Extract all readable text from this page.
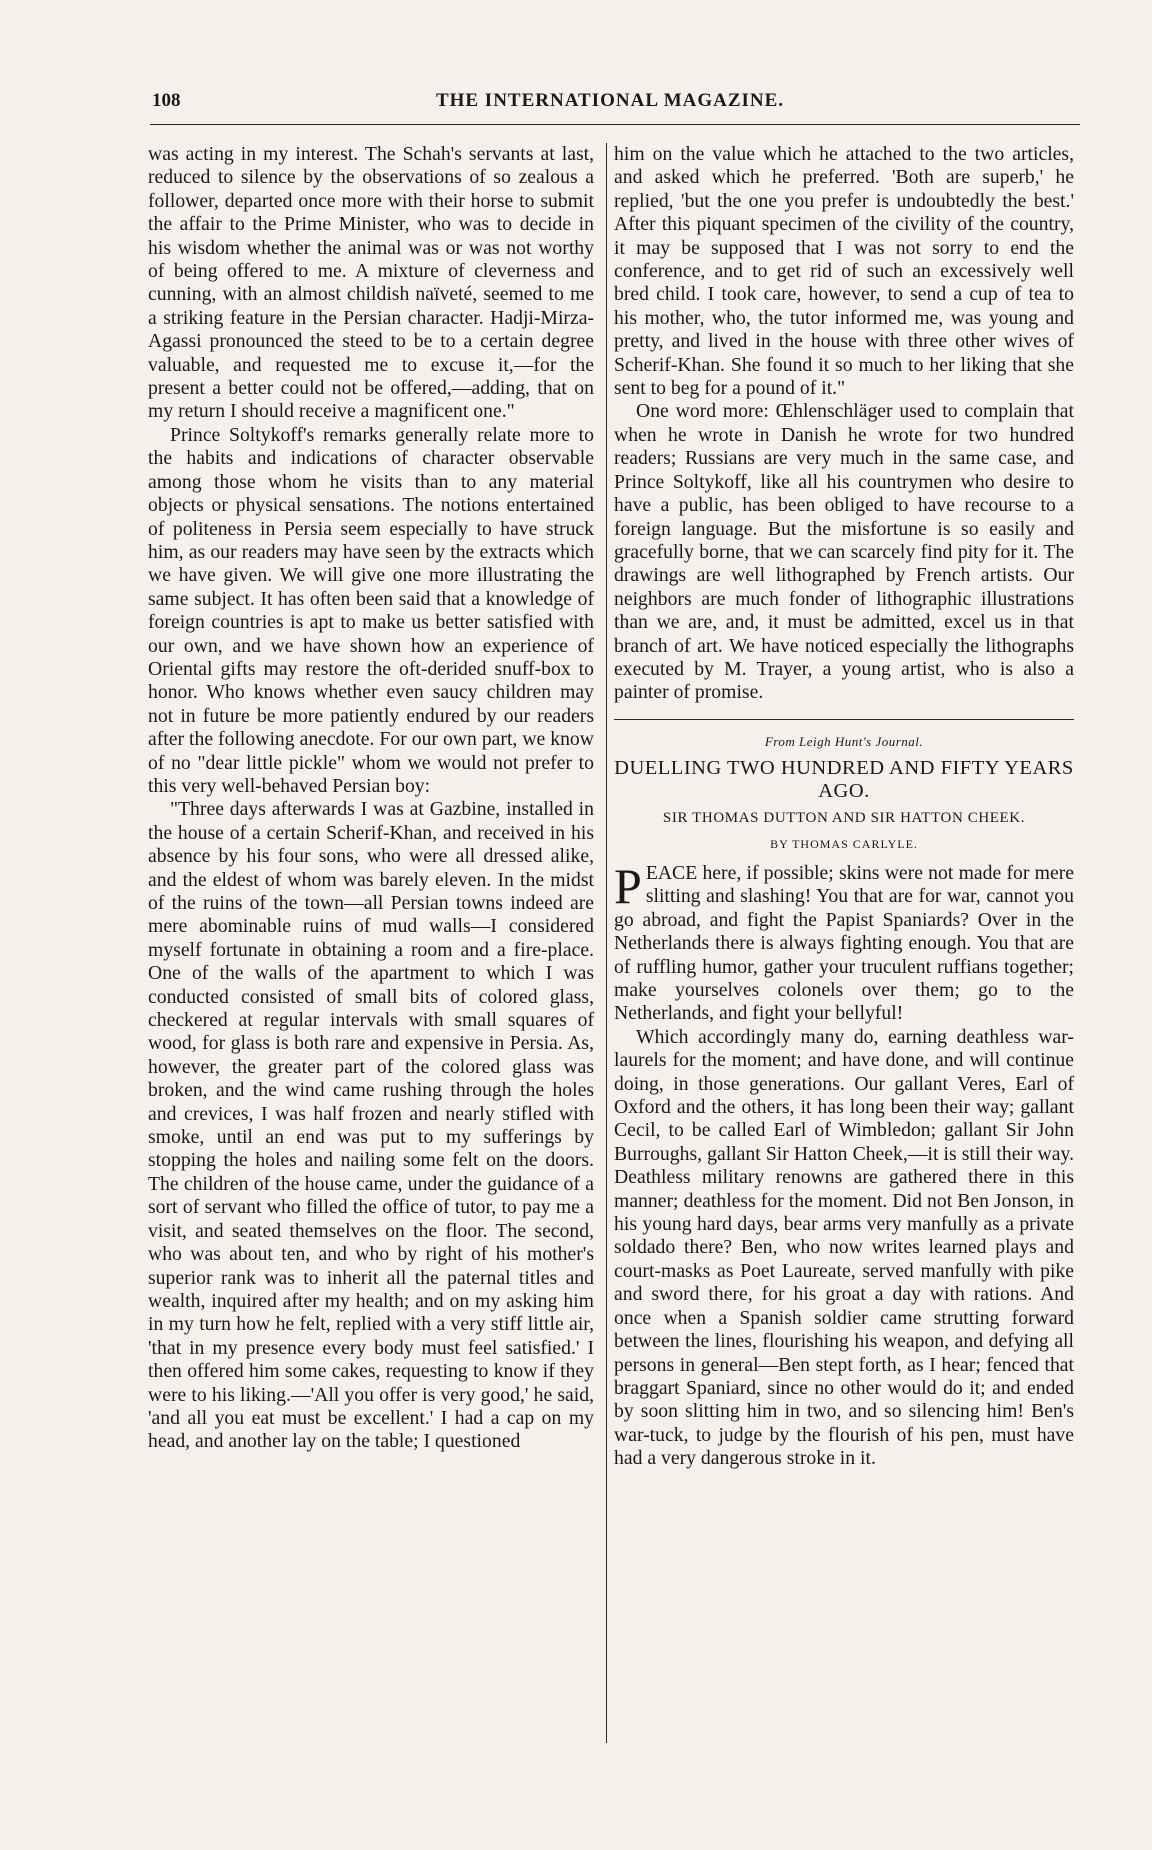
108	THE INTERNATIONAL MAGAZINE.

was acting in my interest. The Schah's servants at last, reduced to silence by the observations of so zealous a follower, departed once more with their horse to submit the affair to the Prime Minister, who was to decide in his wisdom whether the animal was or was not worthy of being offered to me. A mixture of cleverness and cunning, with an almost childish naïveté, seemed to me a striking feature in the Persian character. Hadji-Mirza-Agassi pronounced the steed to be to a certain degree valuable, and requested me to excuse it,—for the present a better could not be offered,—adding, that on my return I should receive a magnificent one."

Prince Soltykoff's remarks generally relate more to the habits and indications of character observable among those whom he visits than to any material objects or physical sensations. The notions entertained of politeness in Persia seem especially to have struck him, as our readers may have seen by the extracts which we have given. We will give one more illustrating the same subject. It has often been said that a knowledge of foreign countries is apt to make us better satisfied with our own, and we have shown how an experience of Oriental gifts may restore the oft-derided snuff-box to honor. Who knows whether even saucy children may not in future be more patiently endured by our readers after the following anecdote. For our own part, we know of no "dear little pickle" whom we would not prefer to this very well-behaved Persian boy:

"Three days afterwards I was at Gazbine, installed in the house of a certain Scherif-Khan, and received in his absence by his four sons, who were all dressed alike, and the eldest of whom was barely eleven. In the midst of the ruins of the town—all Persian towns indeed are mere abominable ruins of mud walls—I considered myself fortunate in obtaining a room and a fire-place. One of the walls of the apartment to which I was conducted consisted of small bits of colored glass, checkered at regular intervals with small squares of wood, for glass is both rare and expensive in Persia. As, however, the greater part of the colored glass was broken, and the wind came rushing through the holes and crevices, I was half frozen and nearly stifled with smoke, until an end was put to my sufferings by stopping the holes and nailing some felt on the doors. The children of the house came, under the guidance of a sort of servant who filled the office of tutor, to pay me a visit, and seated themselves on the floor. The second, who was about ten, and who by right of his mother's superior rank was to inherit all the paternal titles and wealth, inquired after my health; and on my asking him in my turn how he felt, replied with a very stiff little air, 'that in my presence every body must feel satisfied.' I then offered him some cakes, requesting to know if they were to his liking.—'All you offer is very good,' he said, 'and all you eat must be excellent.' I had a cap on my head, and another lay on the table; I questioned

him on the value which he attached to the two articles, and asked which he preferred. 'Both are superb,' he replied, 'but the one you prefer is undoubtedly the best.' After this piquant specimen of the civility of the country, it may be supposed that I was not sorry to end the conference, and to get rid of such an excessively well bred child. I took care, however, to send a cup of tea to his mother, who, the tutor informed me, was young and pretty, and lived in the house with three other wives of Scherif-Khan. She found it so much to her liking that she sent to beg for a pound of it."

One word more: Œhlenschläger used to complain that when he wrote in Danish he wrote for two hundred readers; Russians are very much in the same case, and Prince Soltykoff, like all his countrymen who desire to have a public, has been obliged to have recourse to a foreign language. But the misfortune is so easily and gracefully borne, that we can scarcely find pity for it. The drawings are well lithographed by French artists. Our neighbors are much fonder of lithographic illustrations than we are, and, it must be admitted, excel us in that branch of art. We have noticed especially the lithographs executed by M. Trayer, a young artist, who is also a painter of promise.

From Leigh Hunt's Journal.
DUELLING TWO HUNDRED AND FIFTY YEARS AGO.
SIR THOMAS DUTTON AND SIR HATTON CHEEK.
BY THOMAS CARLYLE.

PEACE here, if possible; skins were not made for mere slitting and slashing! You that are for war, cannot you go abroad, and fight the Papist Spaniards? Over in the Netherlands there is always fighting enough. You that are of ruffling humor, gather your truculent ruffians together; make yourselves colonels over them; go to the Netherlands, and fight your bellyful!

Which accordingly many do, earning deathless war-laurels for the moment; and have done, and will continue doing, in those generations. Our gallant Veres, Earl of Oxford and the others, it has long been their way; gallant Cecil, to be called Earl of Wimbledon; gallant Sir John Burroughs, gallant Sir Hatton Cheek,—it is still their way. Deathless military renowns are gathered there in this manner; deathless for the moment. Did not Ben Jonson, in his young hard days, bear arms very manfully as a private soldado there? Ben, who now writes learned plays and court-masks as Poet Laureate, served manfully with pike and sword there, for his groat a day with rations. And once when a Spanish soldier came strutting forward between the lines, flourishing his weapon, and defying all persons in general—Ben stept forth, as I hear; fenced that braggart Spaniard, since no other would do it; and ended by soon slitting him in two, and so silencing him! Ben's war-tuck, to judge by the flourish of his pen, must have had a very dangerous stroke in it.
